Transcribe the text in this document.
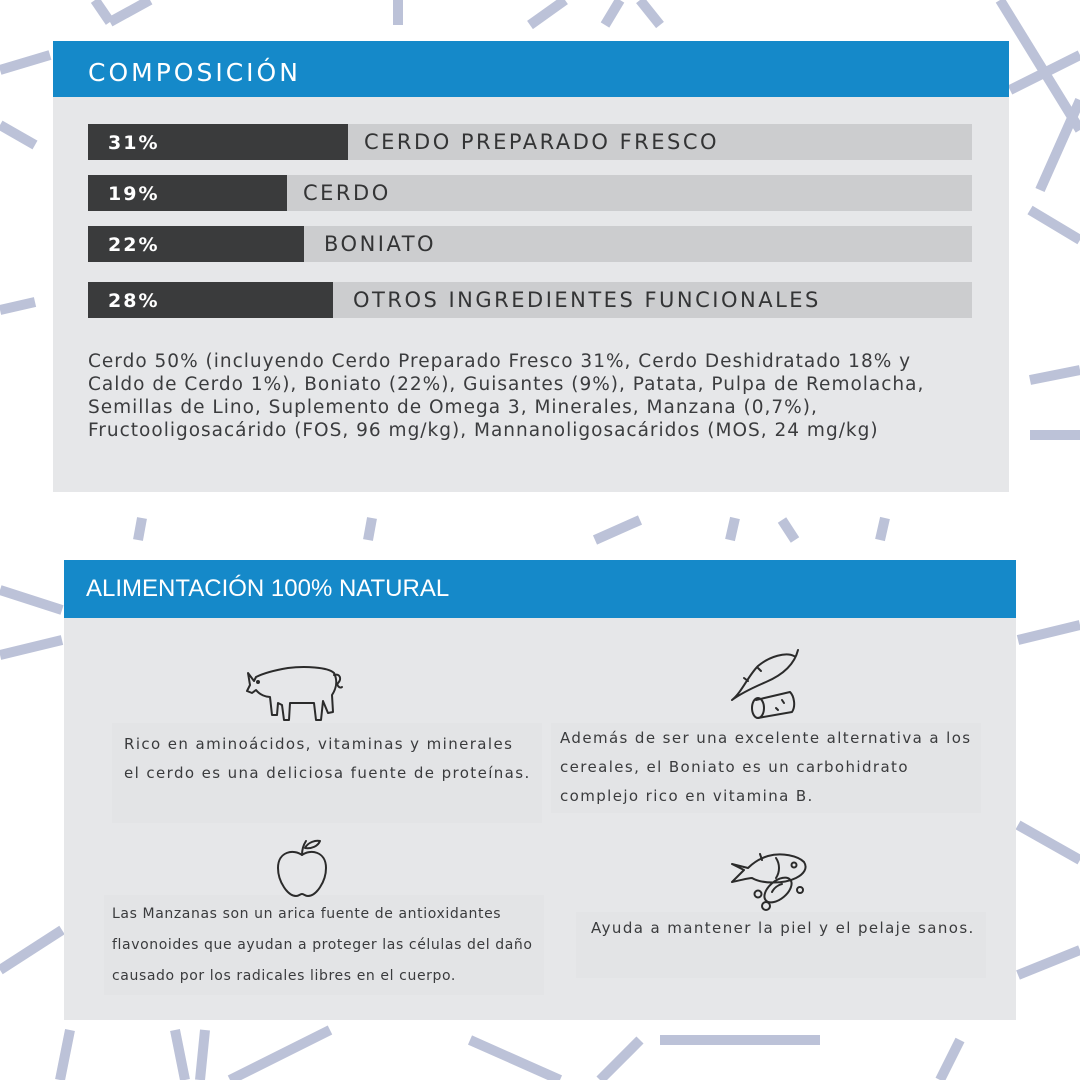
COMPOSICIÓN
31%	CERDO PREPARADO FRESCO
19%	CERDO
22%	BONIATO
28%	OTROS INGREDIENTES FUNCIONALES
Cerdo 50% (incluyendo Cerdo Preparado Fresco 31%, Cerdo Deshidratado 18% y Caldo de Cerdo 1%), Boniato (22%), Guisantes (9%), Patata, Pulpa de Remolacha, Semillas de Lino, Suplemento de Omega 3, Minerales, Manzana (0,7%), Fructooligosacárido (FOS, 96 mg/kg), Mannanoligosacáridos (MOS, 24 mg/kg)
ALIMENTACIÓN 100% NATURAL
Rico en aminoácidos, vitaminas y minerales el cerdo es una deliciosa fuente de proteínas.
Además de ser una excelente alternativa a los cereales, el Boniato es un carbohidrato complejo rico en vitamina B.
Las Manzanas son un arica fuente de antioxidantes flavonoides que ayudan a proteger las células del daño causado por los radicales libres en el cuerpo.
Ayuda a mantener la piel y el pelaje sanos.
